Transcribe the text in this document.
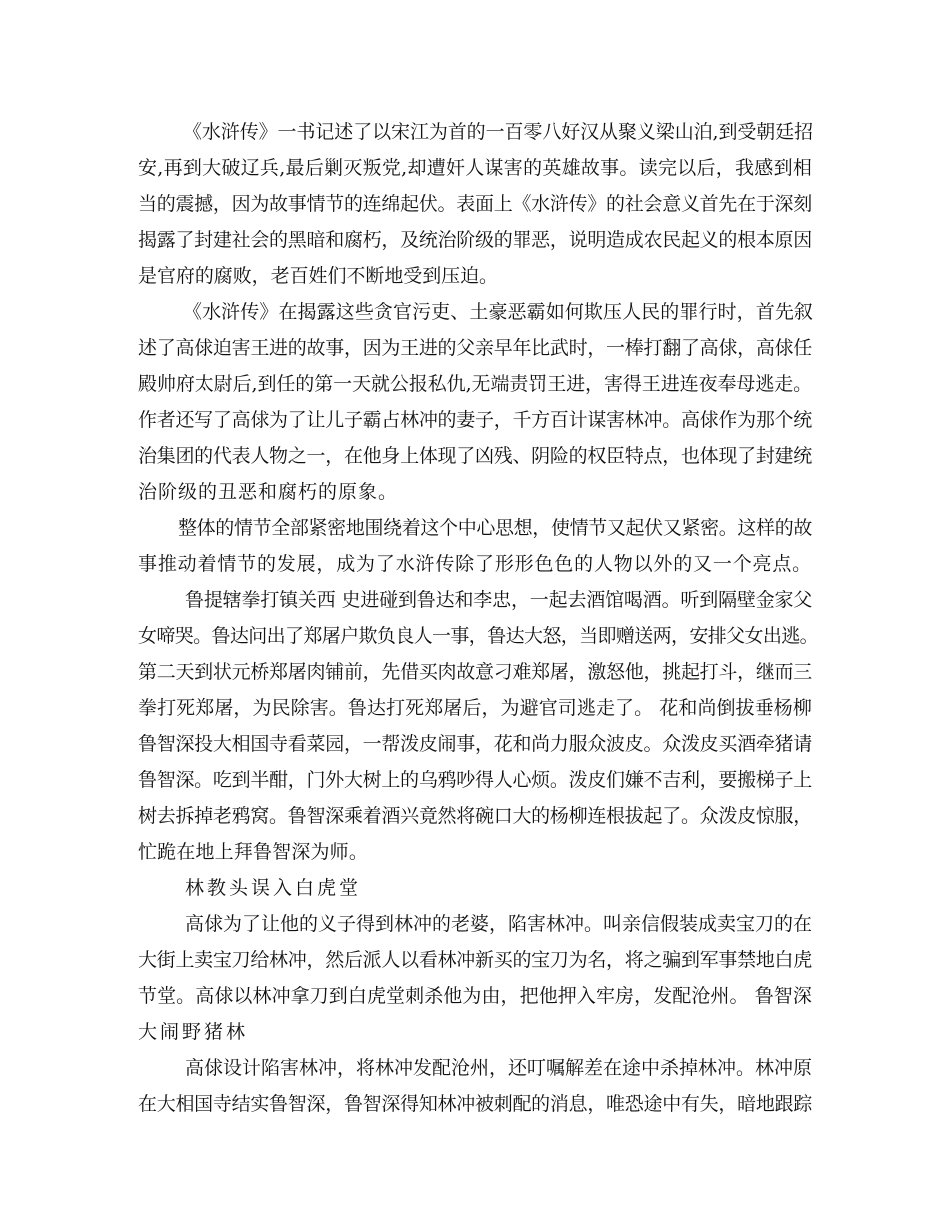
《水浒传》一书记述了以宋江为首的一百零八好汉从聚义梁山泊,到受朝廷招
安,再到大破辽兵,最后剿灭叛党,却遭奸人谋害的英雄故事。读完以后，我感到相
当的震撼，因为故事情节的连绵起伏。表面上《水浒传》的社会意义首先在于深刻
揭露了封建社会的黑暗和腐朽，及统治阶级的罪恶，说明造成农民起义的根本原因
是官府的腐败，老百姓们不断地受到压迫。
《水浒传》在揭露这些贪官污吏、土豪恶霸如何欺压人民的罪行时，首先叙
述了高俅迫害王进的故事，因为王进的父亲早年比武时，一棒打翻了高俅，高俅任
殿帅府太尉后,到任的第一天就公报私仇,无端责罚王进，害得王进连夜奉母逃走。
作者还写了高俅为了让儿子霸占林冲的妻子，千方百计谋害林冲。高俅作为那个统
治集团的代表人物之一，在他身上体现了凶残、阴险的权臣特点，也体现了封建统
治阶级的丑恶和腐朽的原象。
整体的情节全部紧密地围绕着这个中心思想，使情节又起伏又紧密。这样的故
事推动着情节的发展，成为了水浒传除了形形色色的人物以外的又一个亮点。
鲁提辖拳打镇关西 史进碰到鲁达和李忠，一起去酒馆喝酒。听到隔壁金家父
女啼哭。鲁达问出了郑屠户欺负良人一事，鲁达大怒，当即赠送两，安排父女出逃。
第二天到状元桥郑屠肉铺前，先借买肉故意刁难郑屠，激怒他，挑起打斗，继而三
拳打死郑屠，为民除害。鲁达打死郑屠后，为避官司逃走了。 花和尚倒拔垂杨柳
鲁智深投大相国寺看菜园，一帮泼皮闹事，花和尚力服众波皮。众泼皮买酒牵猪请
鲁智深。吃到半酣，门外大树上的乌鸦吵得人心烦。泼皮们嫌不吉利，要搬梯子上
树去拆掉老鸦窝。鲁智深乘着酒兴竟然将碗口大的杨柳连根拔起了。众泼皮惊服，
忙跪在地上拜鲁智深为师。
林教头误入白虎堂
高俅为了让他的义子得到林冲的老婆，陷害林冲。叫亲信假装成卖宝刀的在
大街上卖宝刀给林冲，然后派人以看林冲新买的宝刀为名，将之骗到军事禁地白虎
节堂。高俅以林冲拿刀到白虎堂刺杀他为由，把他押入牢房，发配沧州。 鲁智深
大闹野猪林
高俅设计陷害林冲，将林冲发配沧州，还叮嘱解差在途中杀掉林冲。林冲原
在大相国寺结实鲁智深，鲁智深得知林冲被刺配的消息，唯恐途中有失，暗地跟踪
